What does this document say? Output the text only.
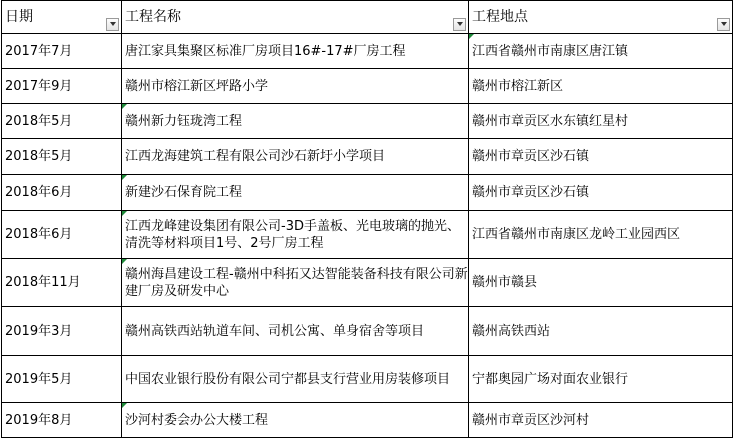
日期	工程名称	工程地点

2017年7月	唐江家具集聚区标准厂房项目16#-17#厂房工程	江西省赣州市南康区唐江镇
2017年9月	赣州市榕江新区坪路小学	赣州市榕江新区
2018年5月	赣州新力钰珑湾工程	赣州市章贡区水东镇红星村
2018年5月	江西龙海建筑工程有限公司沙石新圩小学项目	赣州市章贡区沙石镇
2018年6月	新建沙石保育院工程	赣州市章贡区沙石镇
2018年6月	江西龙峰建设集团有限公司-3D手盖板、光电玻璃的抛光、清洗等材料项目1号、2号厂房工程	江西省赣州市南康区龙岭工业园西区
2018年11月	赣州海昌建设工程-赣州中科拓又达智能装备科技有限公司新建厂房及研发中心	赣州市赣县
2019年3月	赣州高铁西站轨道车间、司机公寓、单身宿舍等项目	赣州高铁西站
2019年5月	中国农业银行股份有限公司宁都县支行营业用房装修项目	宁都奥园广场对面农业银行
2019年8月	沙河村委会办公大楼工程	赣州市章贡区沙河村
